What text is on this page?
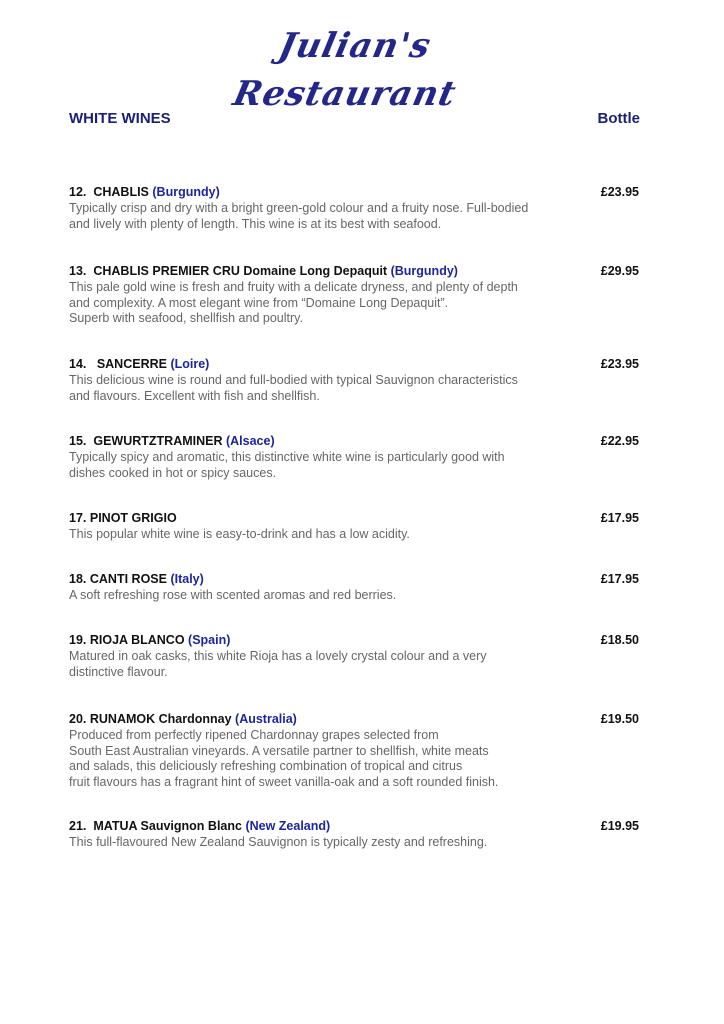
Julian's Restaurant
WHITE WINES	Bottle
12. CHABLIS (Burgundy)	£23.95
Typically crisp and dry with a bright green-gold colour and a fruity nose. Full-bodied
and lively with plenty of length. This wine is at its best with seafood.
13. CHABLIS PREMIER CRU Domaine Long Depaquit (Burgundy)	£29.95
This pale gold wine is fresh and fruity with a delicate dryness, and plenty of depth
and complexity. A most elegant wine from “Domaine Long Depaquit”.
Superb with seafood, shellfish and poultry.
14. SANCERRE (Loire)	£23.95
This delicious wine is round and full-bodied with typical Sauvignon characteristics
and flavours. Excellent with fish and shellfish.
15. GEWURTZTRAMINER (Alsace)	£22.95
Typically spicy and aromatic, this distinctive white wine is particularly good with
dishes cooked in hot or spicy sauces.
17. PINOT GRIGIO	£17.95
This popular white wine is easy-to-drink and has a low acidity.
18. CANTI ROSE (Italy)	£17.95
A soft refreshing rose with scented aromas and red berries.
19. RIOJA BLANCO (Spain)	£18.50
Matured in oak casks, this white Rioja has a lovely crystal colour and a very
distinctive flavour.
20. RUNAMOK Chardonnay (Australia)	£19.50
Produced from perfectly ripened Chardonnay grapes selected from
South East Australian vineyards. A versatile partner to shellfish, white meats
and salads, this deliciously refreshing combination of tropical and citrus
fruit flavours has a fragrant hint of sweet vanilla-oak and a soft rounded finish.
21. MATUA Sauvignon Blanc (New Zealand)	£19.95
This full-flavoured New Zealand Sauvignon is typically zesty and refreshing.
